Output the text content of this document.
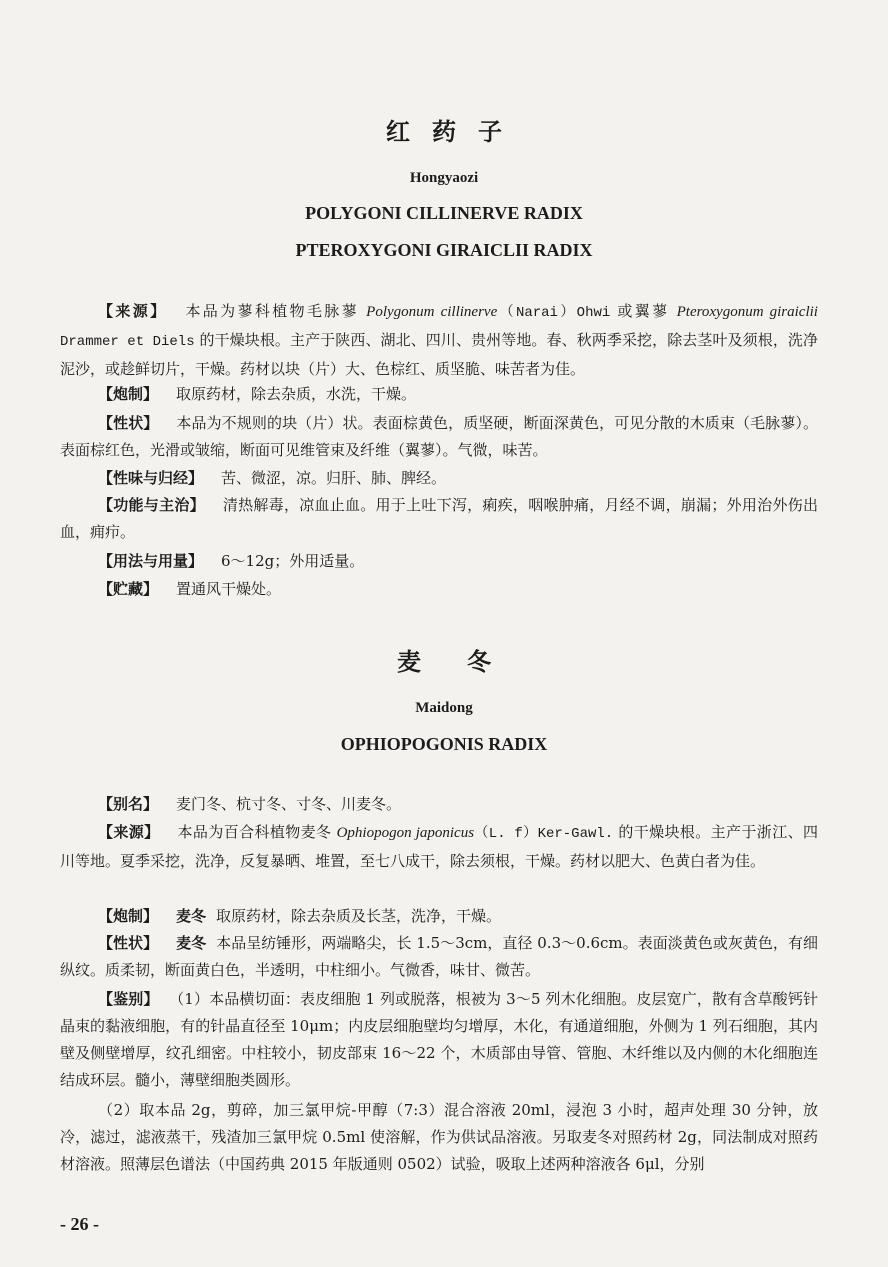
红药子
Hongyaozi
POLYGONI CILLINERVE RADIX
PTEROXYGONI GIRAICLII RADIX
【来源】 本品为蓼科植物毛脉蓼 Polygonum cillinerve（Narai）Ohwi 或翼蓼 Pteroxygonum giraiclii Drammer et Diels 的干燥块根。主产于陕西、湖北、四川、贵州等地。春、秋两季采挖，除去茎叶及须根，洗净泥沙，或趁鲜切片，干燥。药材以块（片）大、色棕红、质坚脆、味苦者为佳。
【炮制】 取原药材，除去杂质，水洗，干燥。
【性状】 本品为不规则的块（片）状。表面棕黄色，质坚硬，断面深黄色，可见分散的木质束（毛脉蓼）。表面棕红色，光滑或皱缩，断面可见维管束及纤维（翼蓼）。气微，味苦。
【性味与归经】 苦、微涩，凉。归肝、肺、脾经。
【功能与主治】 清热解毒，凉血止血。用于上吐下泻，痢疾，咽喉肿痛，月经不调，崩漏；外用治外伤出血，痈疖。
【用法与用量】 6～12g；外用适量。
【贮藏】 置通风干燥处。
麦冬
Maidong
OPHIOPOGONIS RADIX
【别名】 麦门冬、杭寸冬、寸冬、川麦冬。
【来源】 本品为百合科植物麦冬 Ophiopogon japonicus（L. f）Ker-Gawl. 的干燥块根。主产于浙江、四川等地。夏季采挖，洗净，反复暴晒、堆置，至七八成干，除去须根，干燥。药材以肥大、色黄白者为佳。
【炮制】 麦冬 取原药材，除去杂质及长茎，洗净，干燥。
【性状】 麦冬 本品呈纺锤形，两端略尖，长 1.5～3cm，直径 0.3～0.6cm。表面淡黄色或灰黄色，有细纵纹。质柔韧，断面黄白色，半透明，中柱细小。气微香，味甘、微苦。
【鉴别】 （1）本品横切面：表皮细胞 1 列或脱落，根被为 3～5 列木化细胞。皮层宽广，散有含草酸钙针晶束的黏液细胞，有的针晶直径至 10μm；内皮层细胞壁均匀增厚，木化，有通道细胞，外侧为 1 列石细胞，其内壁及侧壁增厚，纹孔细密。中柱较小，韧皮部束 16～22 个，木质部由导管、管胞、木纤维以及内侧的木化细胞连结成环层。髓小，薄壁细胞类圆形。
（2）取本品 2g，剪碎，加三氯甲烷-甲醇（7:3）混合溶液 20ml，浸泡 3 小时，超声处理 30 分钟，放冷，滤过，滤液蒸干，残渣加三氯甲烷 0.5ml 使溶解，作为供试品溶液。另取麦冬对照药材 2g，同法制成对照药材溶液。照薄层色谱法（中国药典 2015 年版通则 0502）试验，吸取上述两种溶液各 6μl，分别
- 26 -
